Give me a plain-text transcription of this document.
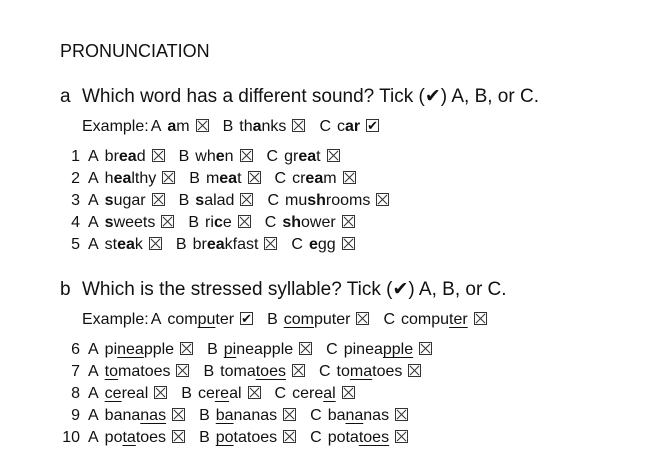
PRONUNCIATION
a Which word has a different sound? Tick (✔) A, B, or C.
Example: A am B thanks C car
1 A bread B when C great
2 A healthy B meat C cream
3 A sugar B salad C mushrooms
4 A sweets B rice C shower
5 A steak B breakfast C egg
b Which is the stressed syllable? Tick (✔) A, B, or C.
Example: A computer B computer C computer
6 A pineapple B pineapple C pineapple
7 A tomatoes B tomatoes C tomatoes
8 A cereal B cereal C cereal
9 A bananas B bananas C bananas
10 A potatoes B potatoes C potatoes
